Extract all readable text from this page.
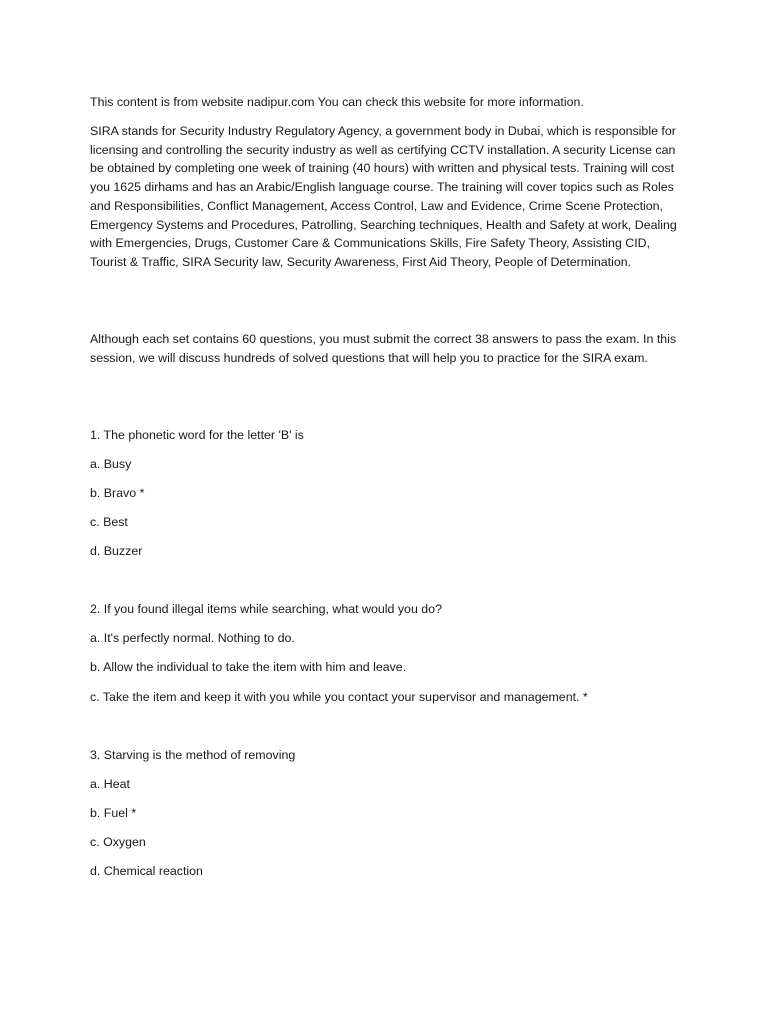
This content is from website nadipur.com You can check this website for more information.

SIRA stands for Security Industry Regulatory Agency, a government body in Dubai, which is responsible for licensing and controlling the security industry as well as certifying CCTV installation. A security License can be obtained by completing one week of training (40 hours) with written and physical tests. Training will cost you 1625 dirhams and has an Arabic/English language course. The training will cover topics such as Roles and Responsibilities, Conflict Management, Access Control, Law and Evidence, Crime Scene Protection, Emergency Systems and Procedures, Patrolling, Searching techniques, Health and Safety at work, Dealing with Emergencies, Drugs, Customer Care & Communications Skills, Fire Safety Theory, Assisting CID, Tourist & Traffic, SIRA Security law, Security Awareness, First Aid Theory, People of Determination.

Although each set contains 60 questions, you must submit the correct 38 answers to pass the exam. In this session, we will discuss hundreds of solved questions that will help you to practice for the SIRA exam.

1. The phonetic word for the letter 'B' is

a. Busy

b. Bravo *

c. Best

d. Buzzer

2. If you found illegal items while searching, what would you do?

a. It's perfectly normal. Nothing to do.

b. Allow the individual to take the item with him and leave.

c. Take the item and keep it with you while you contact your supervisor and management. *

3. Starving is the method of removing

a. Heat

b. Fuel *

c. Oxygen

d. Chemical reaction
